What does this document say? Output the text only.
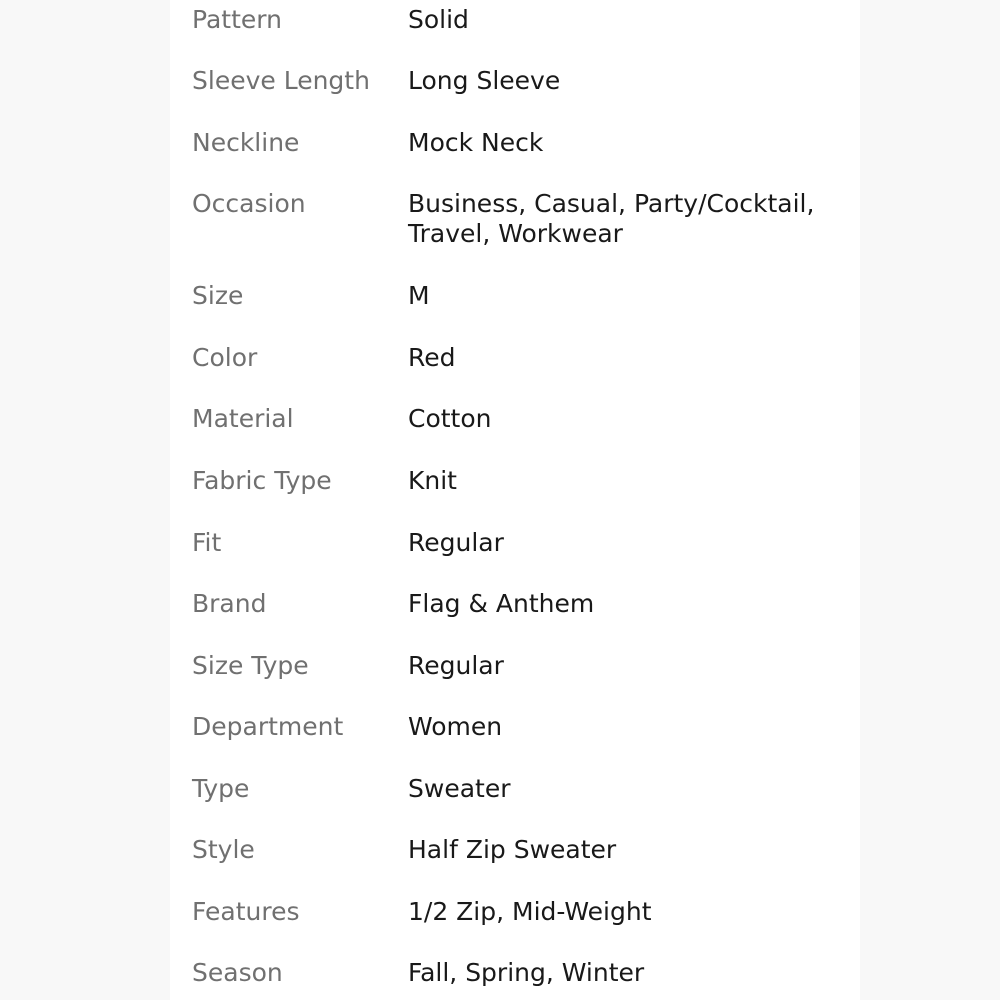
Pattern	Solid
Sleeve Length	Long Sleeve
Neckline	Mock Neck
Occasion	Business, Casual, Party/Cocktail,
Travel, Workwear
Size	M
Color	Red
Material	Cotton
Fabric Type	Knit
Fit	Regular
Brand	Flag & Anthem
Size Type	Regular
Department	Women
Type	Sweater
Style	Half Zip Sweater
Features	1/2 Zip, Mid-Weight
Season	Fall, Spring, Winter
